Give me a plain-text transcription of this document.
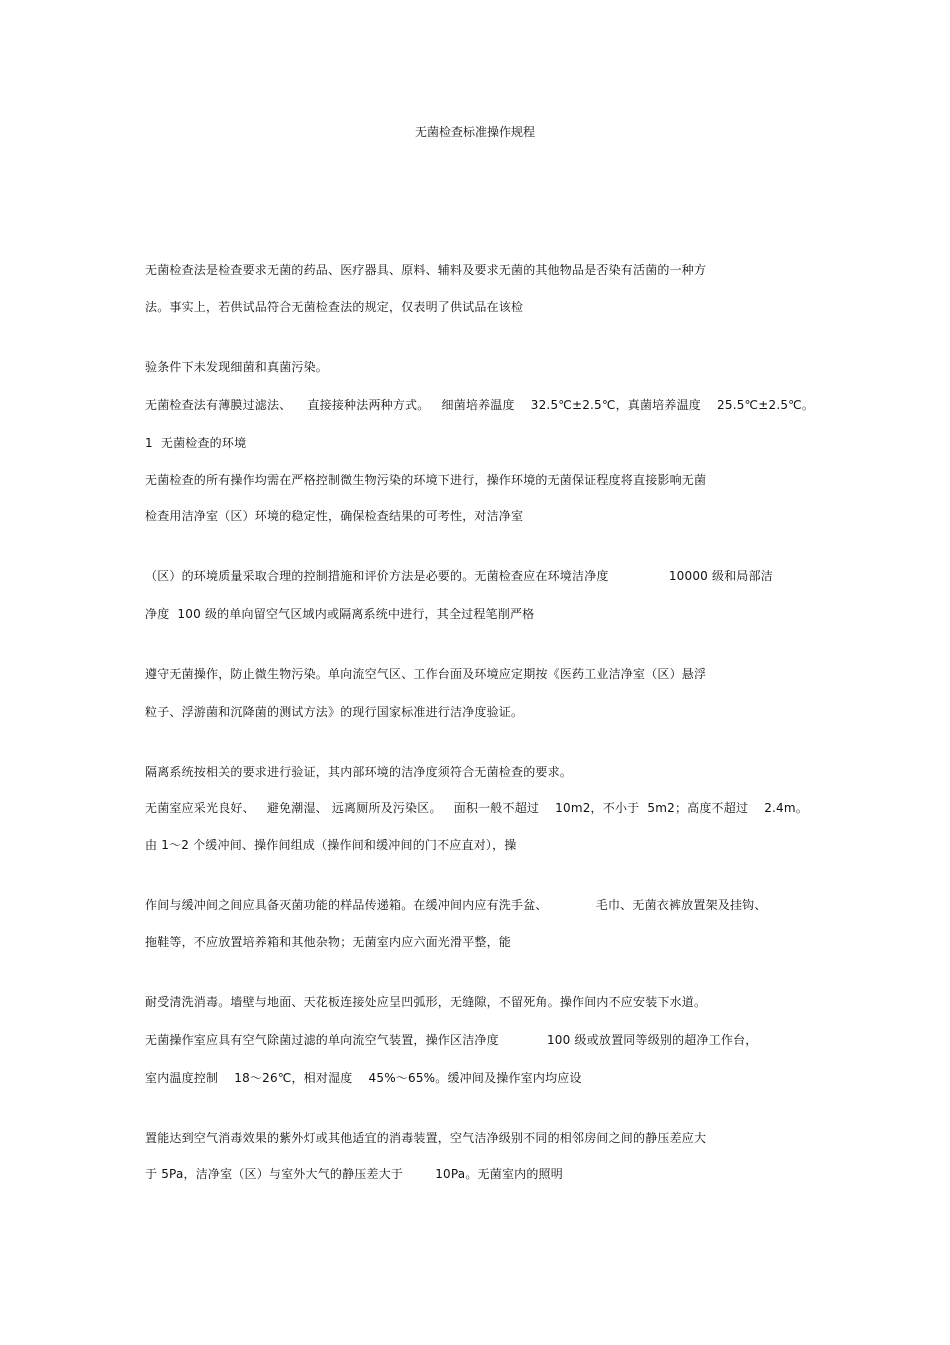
无菌检查标准操作规程
无菌检查法是检查要求无菌的药品、医疗器具、原料、辅料及要求无菌的其他物品是否染有活菌的一种方
法。事实上，若供试品符合无菌检查法的规定，仅表明了供试品在该检
验条件下未发现细菌和真菌污染。
无菌检查法有薄膜过滤法、    直接接种法两种方式。   细菌培养温度    32.5℃±2.5℃，真菌培养温度    25.5℃±2.5℃。
1  无菌检查的环境
无菌检查的所有操作均需在严格控制微生物污染的环境下进行，操作环境的无菌保证程度将直接影响无菌
检查用洁净室（区）环境的稳定性，确保检查结果的可考性，对洁净室
（区）的环境质量采取合理的控制措施和评价方法是必要的。无菌检查应在环境洁净度               10000 级和局部洁
净度  100 级的单向留空气区域内或隔离系统中进行，其全过程笔削严格
遵守无菌操作，防止微生物污染。单向流空气区、工作台面及环境应定期按《医药工业洁净室（区）悬浮
粒子、浮游菌和沉降菌的测试方法》的现行国家标准进行洁净度验证。
隔离系统按相关的要求进行验证，其内部环境的洁净度须符合无菌检查的要求。
无菌室应采光良好、   避免潮湿、 远离厕所及污染区。   面积一般不超过    10m2，不小于  5m2；高度不超过    2.4m。
由 1～2 个缓冲间、操作间组成（操作间和缓冲间的门不应直对），操
作间与缓冲间之间应具备灭菌功能的样品传递箱。在缓冲间内应有洗手盆、            毛巾、无菌衣裤放置架及挂钩、
拖鞋等，不应放置培养箱和其他杂物；无菌室内应六面光滑平整，能
耐受清洗消毒。墙壁与地面、天花板连接处应呈凹弧形，无缝隙，不留死角。操作间内不应安装下水道。
无菌操作室应具有空气除菌过滤的单向流空气装置，操作区洁净度            100 级或放置同等级别的超净工作台，
室内温度控制    18～26℃，相对湿度    45%～65%。缓冲间及操作室内均应设
置能达到空气消毒效果的紫外灯或其他适宜的消毒装置，空气洁净级别不同的相邻房间之间的静压差应大
于 5Pa，洁净室（区）与室外大气的静压差大于        10Pa。无菌室内的照明
